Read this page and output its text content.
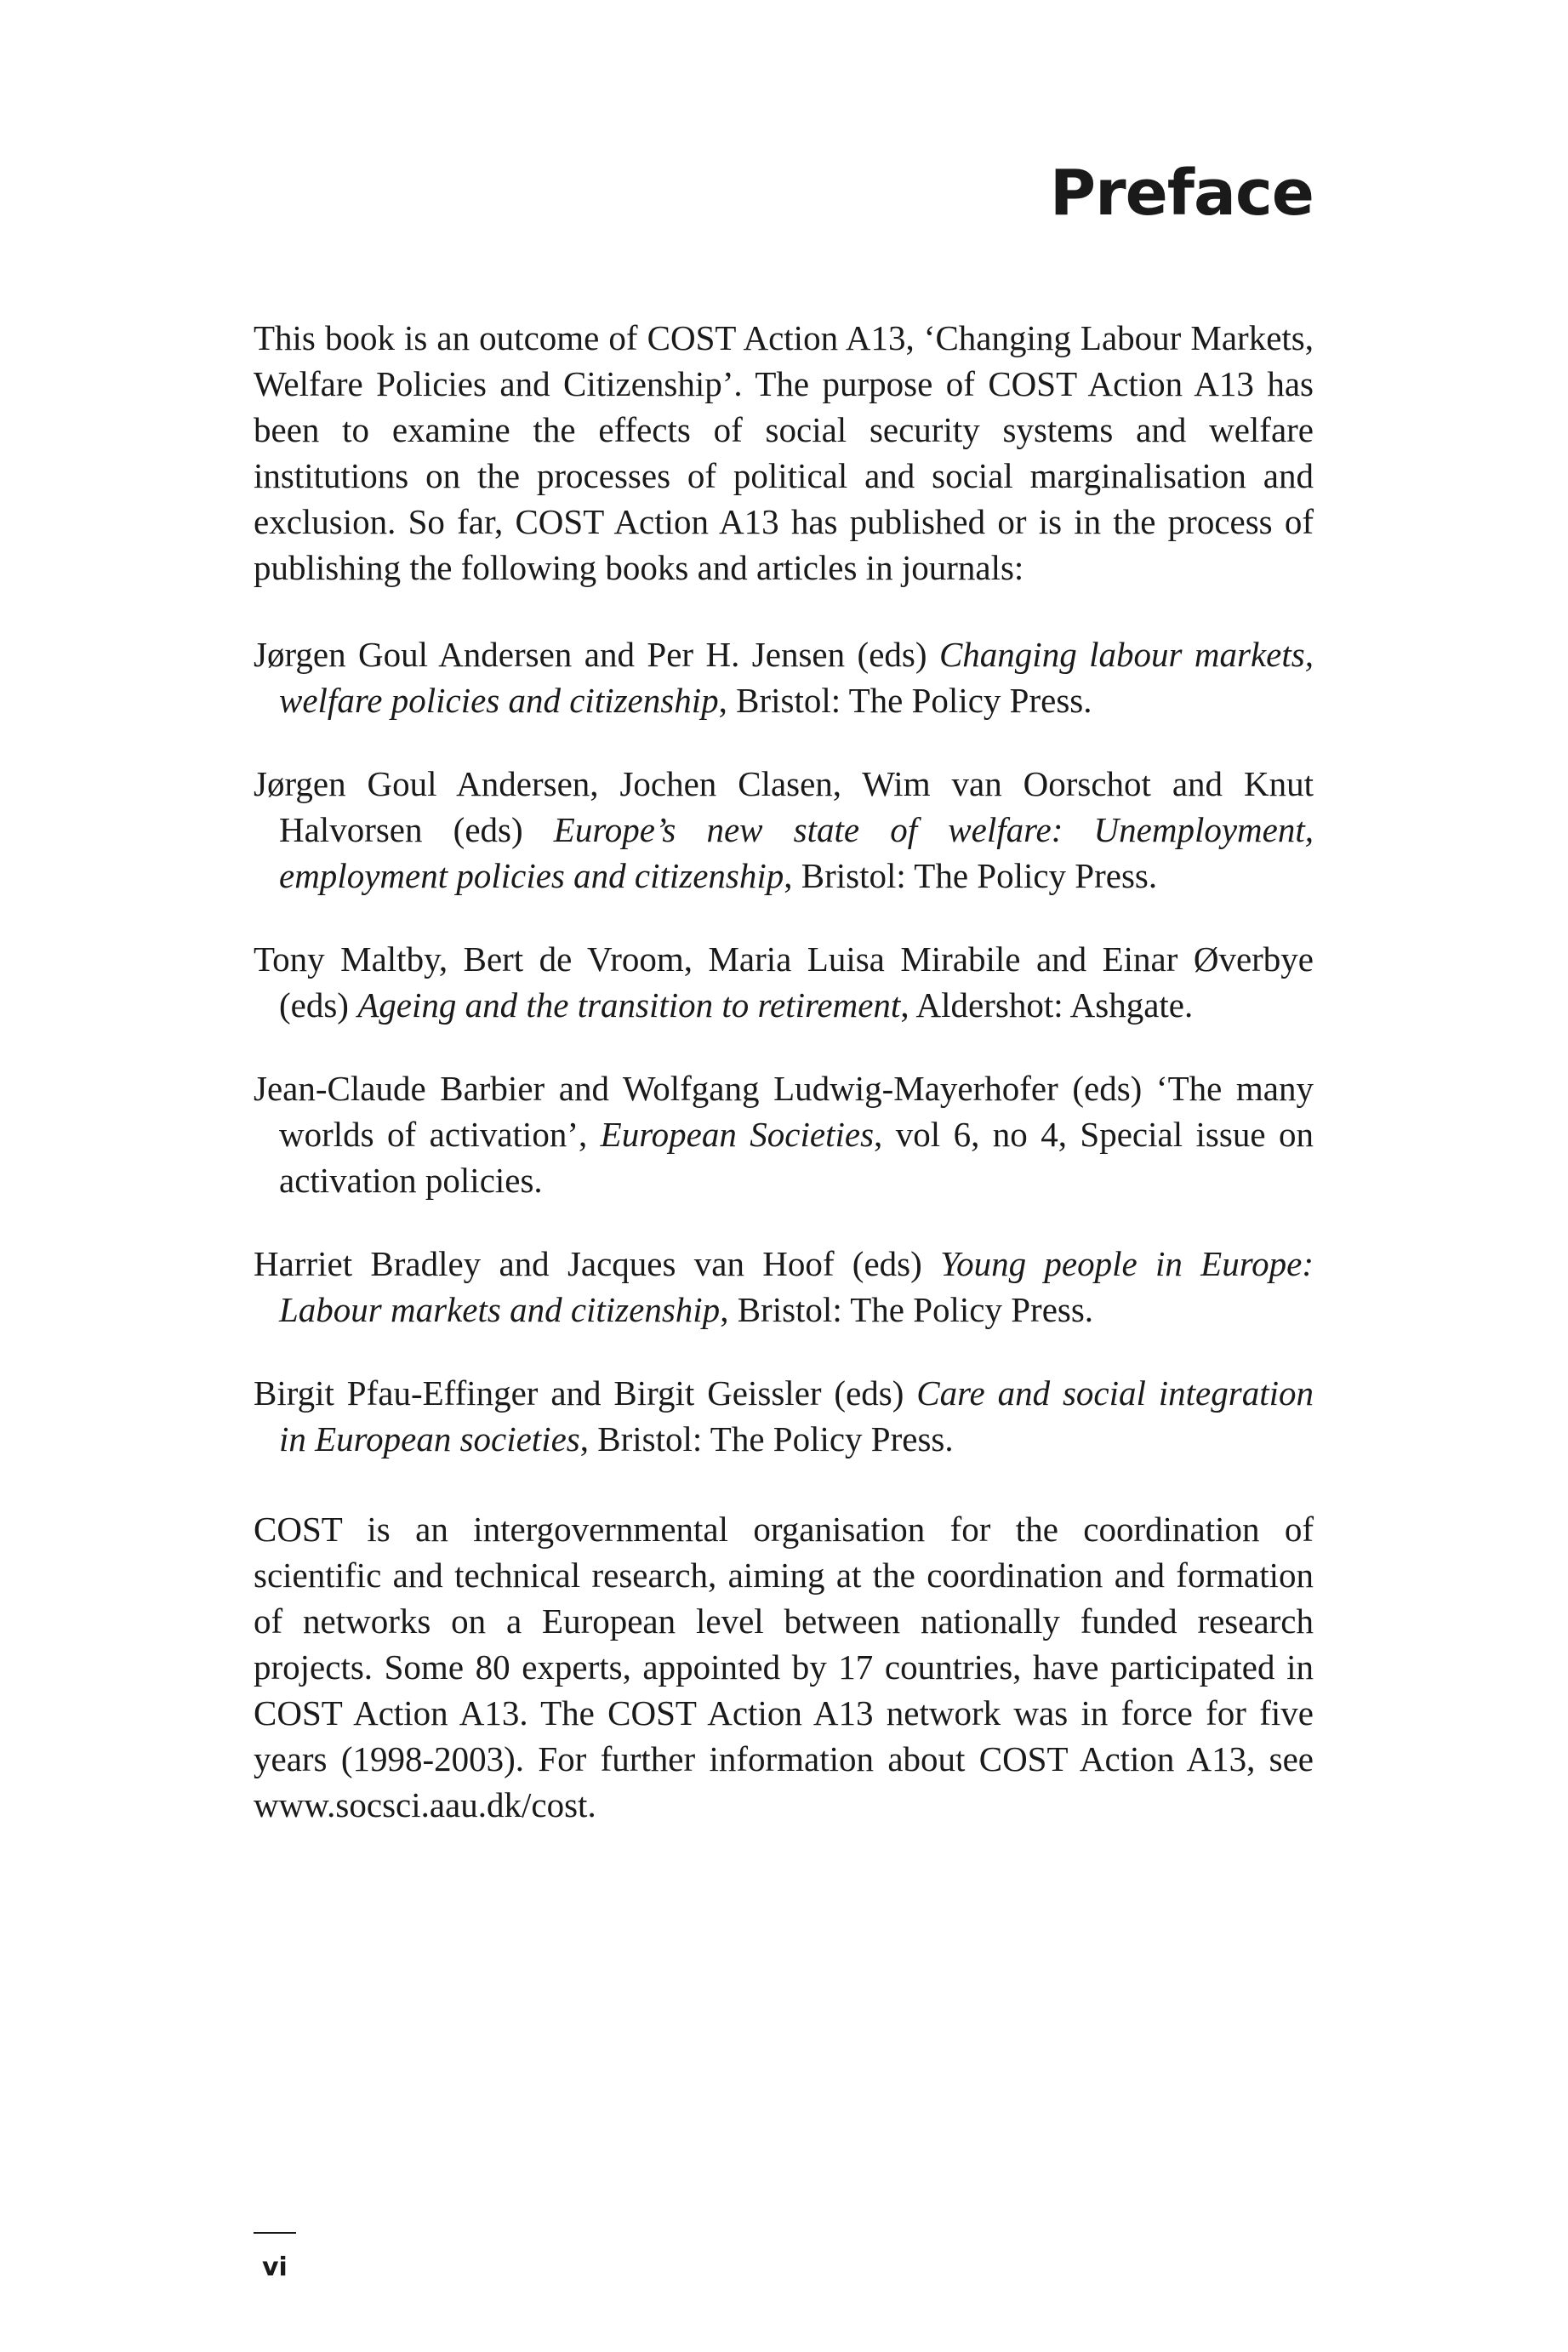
Preface

This book is an outcome of COST Action A13, ‘Changing Labour Markets, Welfare Policies and Citizenship’. The purpose of COST Action A13 has been to examine the effects of social security systems and welfare institutions on the processes of political and social marginalisation and exclusion. So far, COST Action A13 has published or is in the process of publishing the following books and articles in journals:

Jørgen Goul Andersen and Per H. Jensen (eds) Changing labour markets, welfare policies and citizenship, Bristol: The Policy Press.

Jørgen Goul Andersen, Jochen Clasen, Wim van Oorschot and Knut Halvorsen (eds) Europe’s new state of welfare: Unemployment, employment policies and citizenship, Bristol: The Policy Press.

Tony Maltby, Bert de Vroom, Maria Luisa Mirabile and Einar Øverbye (eds) Ageing and the transition to retirement, Aldershot: Ashgate.

Jean-Claude Barbier and Wolfgang Ludwig-Mayerhofer (eds) ‘The many worlds of activation’, European Societies, vol 6, no 4, Special issue on activation policies.

Harriet Bradley and Jacques van Hoof (eds) Young people in Europe: Labour markets and citizenship, Bristol: The Policy Press.

Birgit Pfau-Effinger and Birgit Geissler (eds) Care and social integration in European societies, Bristol: The Policy Press.

COST is an intergovernmental organisation for the coordination of scientific and technical research, aiming at the coordination and formation of networks on a European level between nationally funded research projects. Some 80 experts, appointed by 17 countries, have participated in COST Action A13. The COST Action A13 network was in force for five years (1998-2003). For further information about COST Action A13, see www.socsci.aau.dk/cost.

vi
